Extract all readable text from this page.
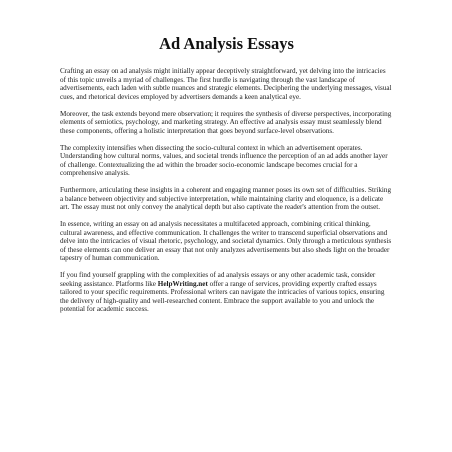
Ad Analysis Essays

Crafting an essay on ad analysis might initially appear deceptively straightforward, yet delving into the intricacies of this topic unveils a myriad of challenges. The first hurdle is navigating through the vast landscape of advertisements, each laden with subtle nuances and strategic elements. Deciphering the underlying messages, visual cues, and rhetorical devices employed by advertisers demands a keen analytical eye.

Moreover, the task extends beyond mere observation; it requires the synthesis of diverse perspectives, incorporating elements of semiotics, psychology, and marketing strategy. An effective ad analysis essay must seamlessly blend these components, offering a holistic interpretation that goes beyond surface-level observations.

The complexity intensifies when dissecting the socio-cultural context in which an advertisement operates. Understanding how cultural norms, values, and societal trends influence the perception of an ad adds another layer of challenge. Contextualizing the ad within the broader socio-economic landscape becomes crucial for a comprehensive analysis.

Furthermore, articulating these insights in a coherent and engaging manner poses its own set of difficulties. Striking a balance between objectivity and subjective interpretation, while maintaining clarity and eloquence, is a delicate art. The essay must not only convey the analytical depth but also captivate the reader's attention from the outset.

In essence, writing an essay on ad analysis necessitates a multifaceted approach, combining critical thinking, cultural awareness, and effective communication. It challenges the writer to transcend superficial observations and delve into the intricacies of visual rhetoric, psychology, and societal dynamics. Only through a meticulous synthesis of these elements can one deliver an essay that not only analyzes advertisements but also sheds light on the broader tapestry of human communication.

If you find yourself grappling with the complexities of ad analysis essays or any other academic task, consider seeking assistance. Platforms like HelpWriting.net offer a range of services, providing expertly crafted essays tailored to your specific requirements. Professional writers can navigate the intricacies of various topics, ensuring the delivery of high-quality and well-researched content. Embrace the support available to you and unlock the potential for academic success.
